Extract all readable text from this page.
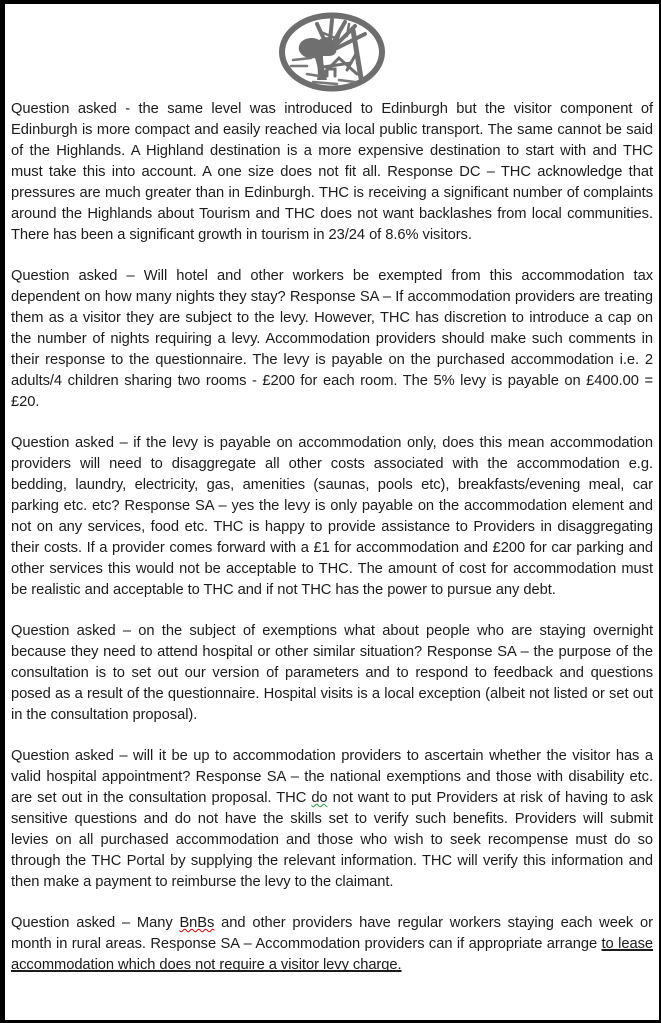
Question asked - the same level was introduced to Edinburgh but the visitor component of Edinburgh is more compact and easily reached via local public transport. The same cannot be said of the Highlands. A Highland destination is a more expensive destination to start with and THC must take this into account. A one size does not fit all. Response DC – THC acknowledge that pressures are much greater than in Edinburgh. THC is receiving a significant number of complaints around the Highlands about Tourism and THC does not want backlashes from local communities. There has been a significant growth in tourism in 23/24 of 8.6% visitors.

Question asked – Will hotel and other workers be exempted from this accommodation tax dependent on how many nights they stay? Response SA – If accommodation providers are treating them as a visitor they are subject to the levy. However, THC has discretion to introduce a cap on the number of nights requiring a levy. Accommodation providers should make such comments in their response to the questionnaire. The levy is payable on the purchased accommodation i.e. 2 adults/4 children sharing two rooms - £200 for each room. The 5% levy is payable on £400.00 = £20.

Question asked – if the levy is payable on accommodation only, does this mean accommodation providers will need to disaggregate all other costs associated with the accommodation e.g. bedding, laundry, electricity, gas, amenities (saunas, pools etc), breakfasts/evening meal, car parking etc. etc? Response SA – yes the levy is only payable on the accommodation element and not on any services, food etc. THC is happy to provide assistance to Providers in disaggregating their costs. If a provider comes forward with a £1 for accommodation and £200 for car parking and other services this would not be acceptable to THC. The amount of cost for accommodation must be realistic and acceptable to THC and if not THC has the power to pursue any debt.

Question asked – on the subject of exemptions what about people who are staying overnight because they need to attend hospital or other similar situation? Response SA – the purpose of the consultation is to set out our version of parameters and to respond to feedback and questions posed as a result of the questionnaire. Hospital visits is a local exception (albeit not listed or set out in the consultation proposal).

Question asked – will it be up to accommodation providers to ascertain whether the visitor has a valid hospital appointment? Response SA – the national exemptions and those with disability etc. are set out in the consultation proposal. THC do not want to put Providers at risk of having to ask sensitive questions and do not have the skills set to verify such benefits. Providers will submit levies on all purchased accommodation and those who wish to seek recompense must do so through the THC Portal by supplying the relevant information. THC will verify this information and then make a payment to reimburse the levy to the claimant.

Question asked – Many BnBs and other providers have regular workers staying each week or month in rural areas. Response SA – Accommodation providers can if appropriate arrange to lease accommodation which does not require a visitor levy charge.
